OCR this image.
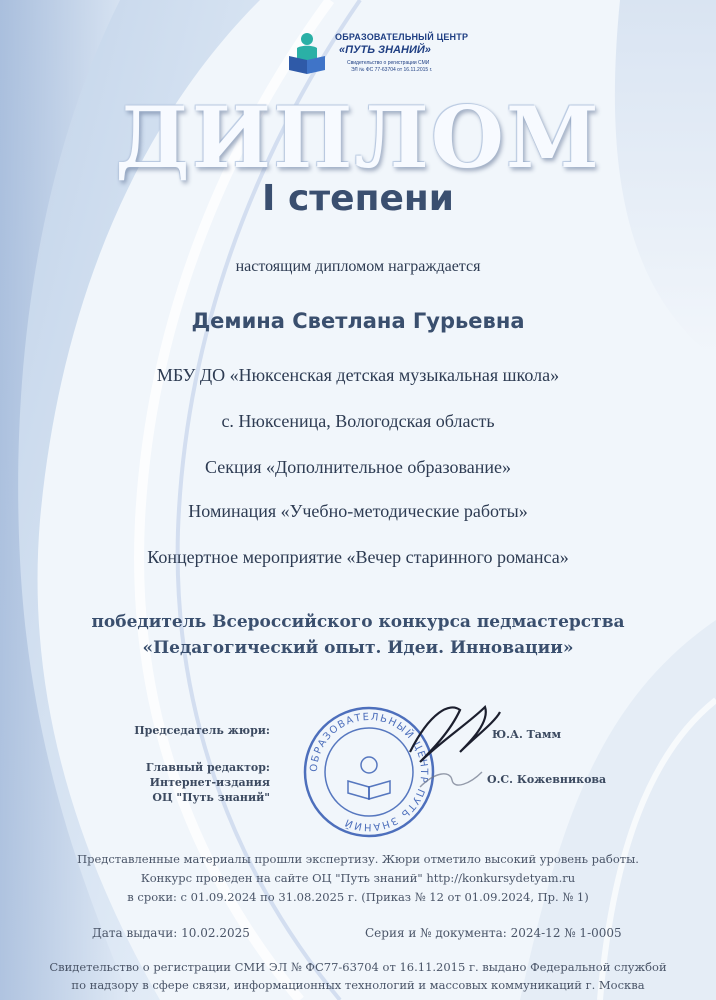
ОБРАЗОВАТЕЛЬНЫЙ ЦЕНТР
«ПУТЬ ЗНАНИЙ»
Свидетельство о регистрации СМИ
ЭЛ № ФС 77-63704 от 16.11.2015 г.
ДИПЛОМ
I степени
настоящим дипломом награждается
Демина Светлана Гурьевна
МБУ ДО «Нюксенская детская музыкальная школа»
с. Нюксеница, Вологодская область
Секция «Дополнительное образование»
Номинация «Учебно-методические работы»
Концертное мероприятие «Вечер старинного романса»
победитель Всероссийского конкурса педмастерства
«Педагогический опыт. Идеи. Инновации»
Председатель жюри:
Главный редактор:
Интернет-издания
ОЦ "Путь знаний"
ОБРАЗОВАТЕЛЬНЫЙ ЦЕНТР ПУТЬ ЗНАНИЙ
Ю.А. Тамм
О.С. Кожевникова
Представленные материалы прошли экспертизу. Жюри отметило высокий уровень работы.
Конкурс проведен на сайте ОЦ "Путь знаний" http://konkursydetyam.ru
в сроки: с 01.09.2024 по 31.08.2025 г. (Приказ № 12 от 01.09.2024, Пр. № 1)
Дата выдачи: 10.02.2025	Серия и № документа: 2024-12 № 1-0005
Свидетельство о регистрации СМИ ЭЛ № ФС77-63704 от 16.11.2015 г. выдано Федеральной службой
по надзору в сфере связи, информационных технологий и массовых коммуникаций г. Москва
